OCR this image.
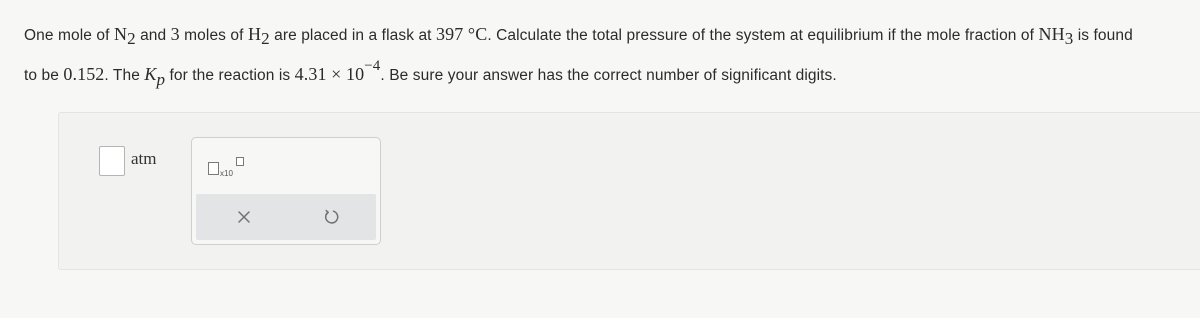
One mole of $N_2$ and 3 moles of $H_2$ are placed in a flask at 397 °C. Calculate the total pressure of the system at equilibrium if the mole fraction of $NH_3$ is found
to be 0.152. The Kp for the reaction is $4.31 \times 10^{-4}$. Be sure your answer has the correct number of significant digits.
atm
x10
